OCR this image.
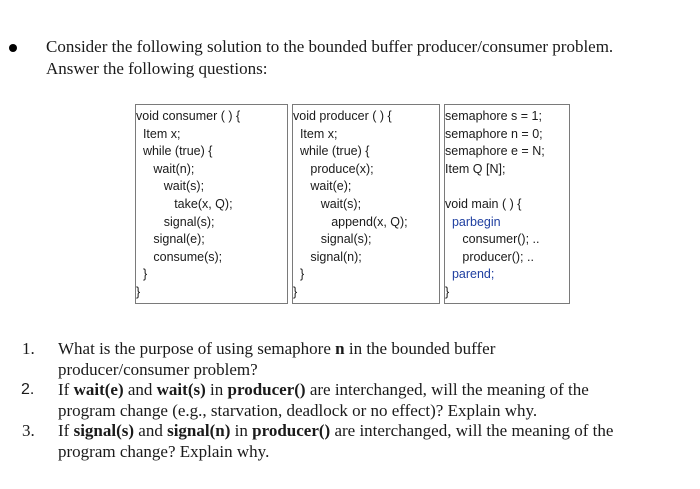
Consider the following solution to the bounded buffer producer/consumer problem.
Answer the following questions:
void consumer ( ) {
Item x;
while (true) {
wait(n);
wait(s);
take(x, Q);
signal(s);
signal(e);
consume(s);
}
}
void producer ( ) {
Item x;
while (true) {
produce(x);
wait(e);
wait(s);
append(x, Q);
signal(s);
signal(n);
}
}
semaphore s = 1;
semaphore n = 0;
semaphore e = N;
Item Q [N];
void main ( ) {
parbegin
consumer(); ..
producer(); ..
parend;
}
1. What is the purpose of using semaphore n in the bounded buffer
producer/consumer problem?
2. If wait(e) and wait(s) in producer() are interchanged, will the meaning of the
program change (e.g., starvation, deadlock or no effect)? Explain why.
3. If signal(s) and signal(n) in producer() are interchanged, will the meaning of the
program change? Explain why.
